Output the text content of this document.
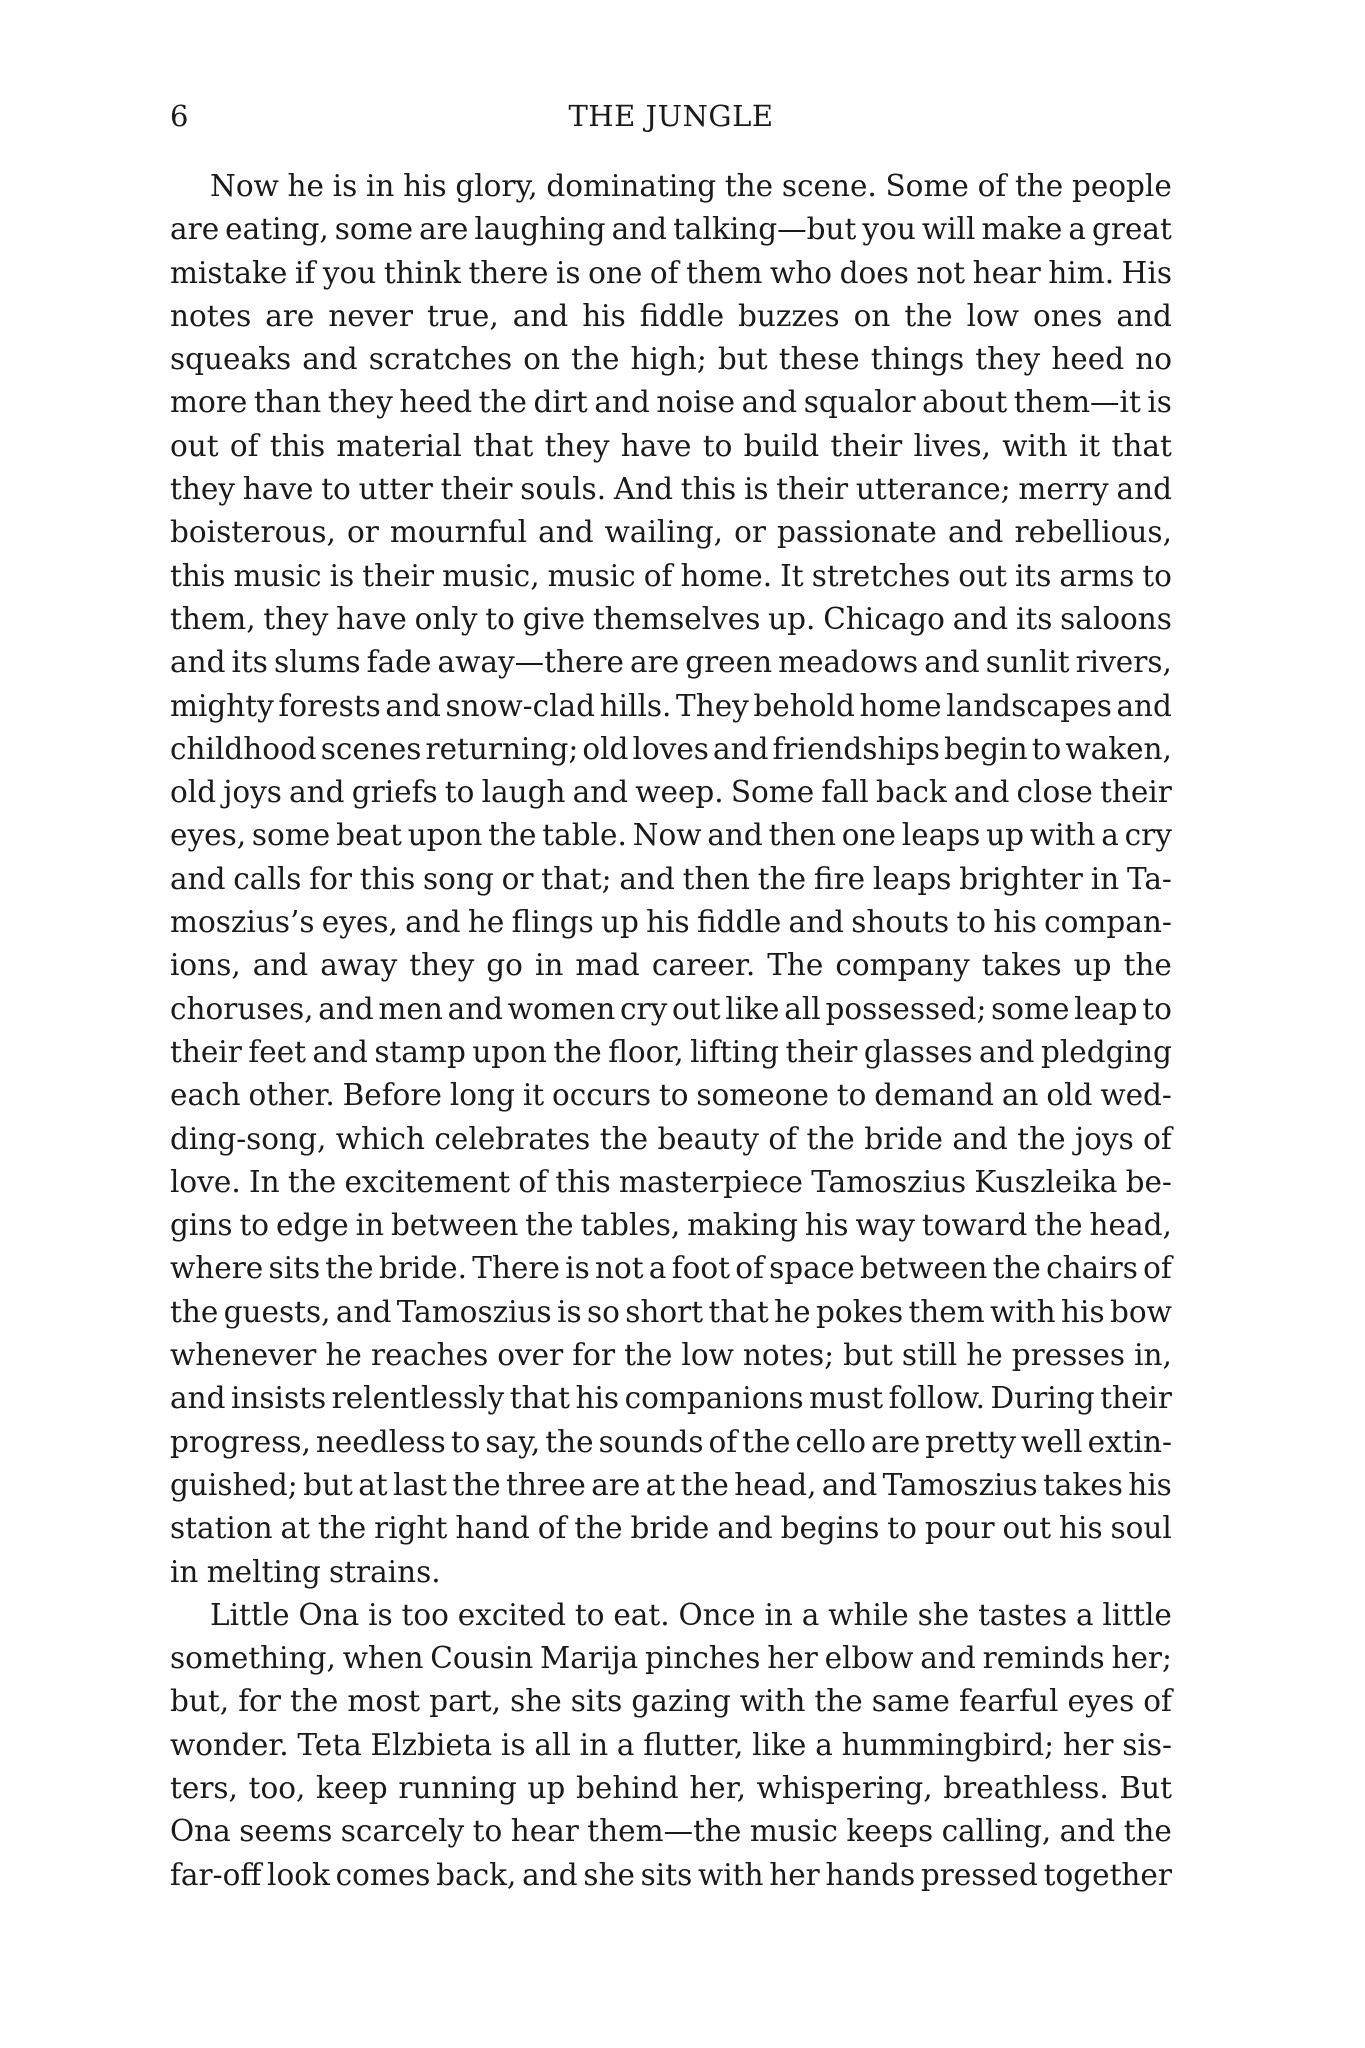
6	THE JUNGLE
Now he is in his glory, dominating the scene. Some of the people
are eating, some are laughing and talking—but you will make a great
mistake if you think there is one of them who does not hear him. His
notes are never true, and his fiddle buzzes on the low ones and
squeaks and scratches on the high; but these things they heed no
more than they heed the dirt and noise and squalor about them—it is
out of this material that they have to build their lives, with it that
they have to utter their souls. And this is their utterance; merry and
boisterous, or mournful and wailing, or passionate and rebellious,
this music is their music, music of home. It stretches out its arms to
them, they have only to give themselves up. Chicago and its saloons
and its slums fade away—there are green meadows and sunlit rivers,
mighty forests and snow-clad hills. They behold home landscapes and
childhood scenes returning; old loves and friendships begin to waken,
old joys and griefs to laugh and weep. Some fall back and close their
eyes, some beat upon the table. Now and then one leaps up with a cry
and calls for this song or that; and then the fire leaps brighter in Ta-
moszius’s eyes, and he flings up his fiddle and shouts to his compan-
ions, and away they go in mad career. The company takes up the
choruses, and men and women cry out like all possessed; some leap to
their feet and stamp upon the floor, lifting their glasses and pledging
each other. Before long it occurs to someone to demand an old wed-
ding-song, which celebrates the beauty of the bride and the joys of
love. In the excitement of this masterpiece Tamoszius Kuszleika be-
gins to edge in between the tables, making his way toward the head,
where sits the bride. There is not a foot of space between the chairs of
the guests, and Tamoszius is so short that he pokes them with his bow
whenever he reaches over for the low notes; but still he presses in,
and insists relentlessly that his companions must follow. During their
progress, needless to say, the sounds of the cello are pretty well extin-
guished; but at last the three are at the head, and Tamoszius takes his
station at the right hand of the bride and begins to pour out his soul
in melting strains.
Little Ona is too excited to eat. Once in a while she tastes a little
something, when Cousin Marija pinches her elbow and reminds her;
but, for the most part, she sits gazing with the same fearful eyes of
wonder. Teta Elzbieta is all in a flutter, like a hummingbird; her sis-
ters, too, keep running up behind her, whispering, breathless. But
Ona seems scarcely to hear them—the music keeps calling, and the
far-off look comes back, and she sits with her hands pressed together
